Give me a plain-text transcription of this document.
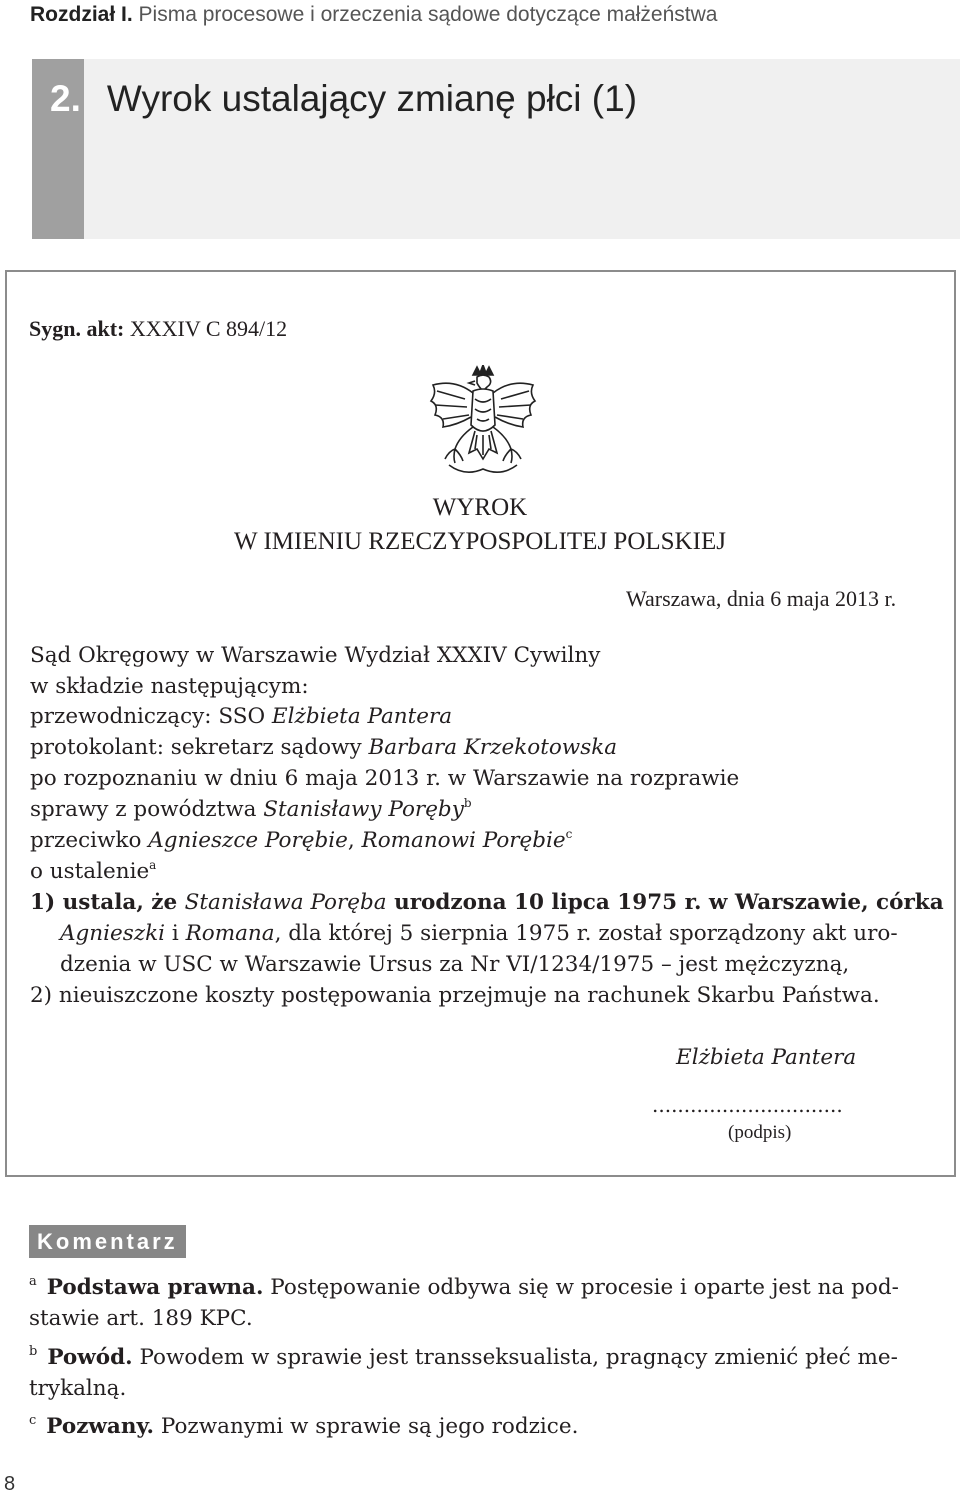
Rozdział I. Pisma procesowe i orzeczenia sądowe dotyczące małżeństwa
2. Wyrok ustalający zmianę płci (1)
Sygn. akt: XXXIV C 894/12
WYROK
W IMIENIU RZECZYPOSPOLITEJ POLSKIEJ
Warszawa, dnia 6 maja 2013 r.
Sąd Okręgowy w Warszawie Wydział XXXIV Cywilny
w składzie następującym:
przewodniczący: SSO Elżbieta Pantera
protokolant: sekretarz sądowy Barbara Krzekotowska
po rozpoznaniu w dniu 6 maja 2013 r. w Warszawie na rozprawie
sprawy z powództwa Stanisławy Poręby$^b$
przeciwko Agnieszce Porębie, Romanowi Porębie$^c$
o ustalenie$^a$
1) ustala, że Stanisława Poręba urodzona 10 lipca 1975 r. w Warszawie, córka
Agnieszki i Romana, dla której 5 sierpnia 1975 r. został sporządzony akt uro-
dzenia w USC w Warszawie Ursus za Nr VI/1234/1975 – jest mężczyzną,
2) nieuiszczone koszty postępowania przejmuje na rachunek Skarbu Państwa.
Elżbieta Pantera
..............................
(podpis)
Komentarz
$^a$ Podstawa prawna. Postępowanie odbywa się w procesie i oparte jest na pod-
stawie art. 189 KPC.
$^b$ Powód. Powodem w sprawie jest transseksualista, pragnący zmienić płeć me-
trykalną.
$^c$ Pozwany. Pozwanymi w sprawie są jego rodzice.
8
